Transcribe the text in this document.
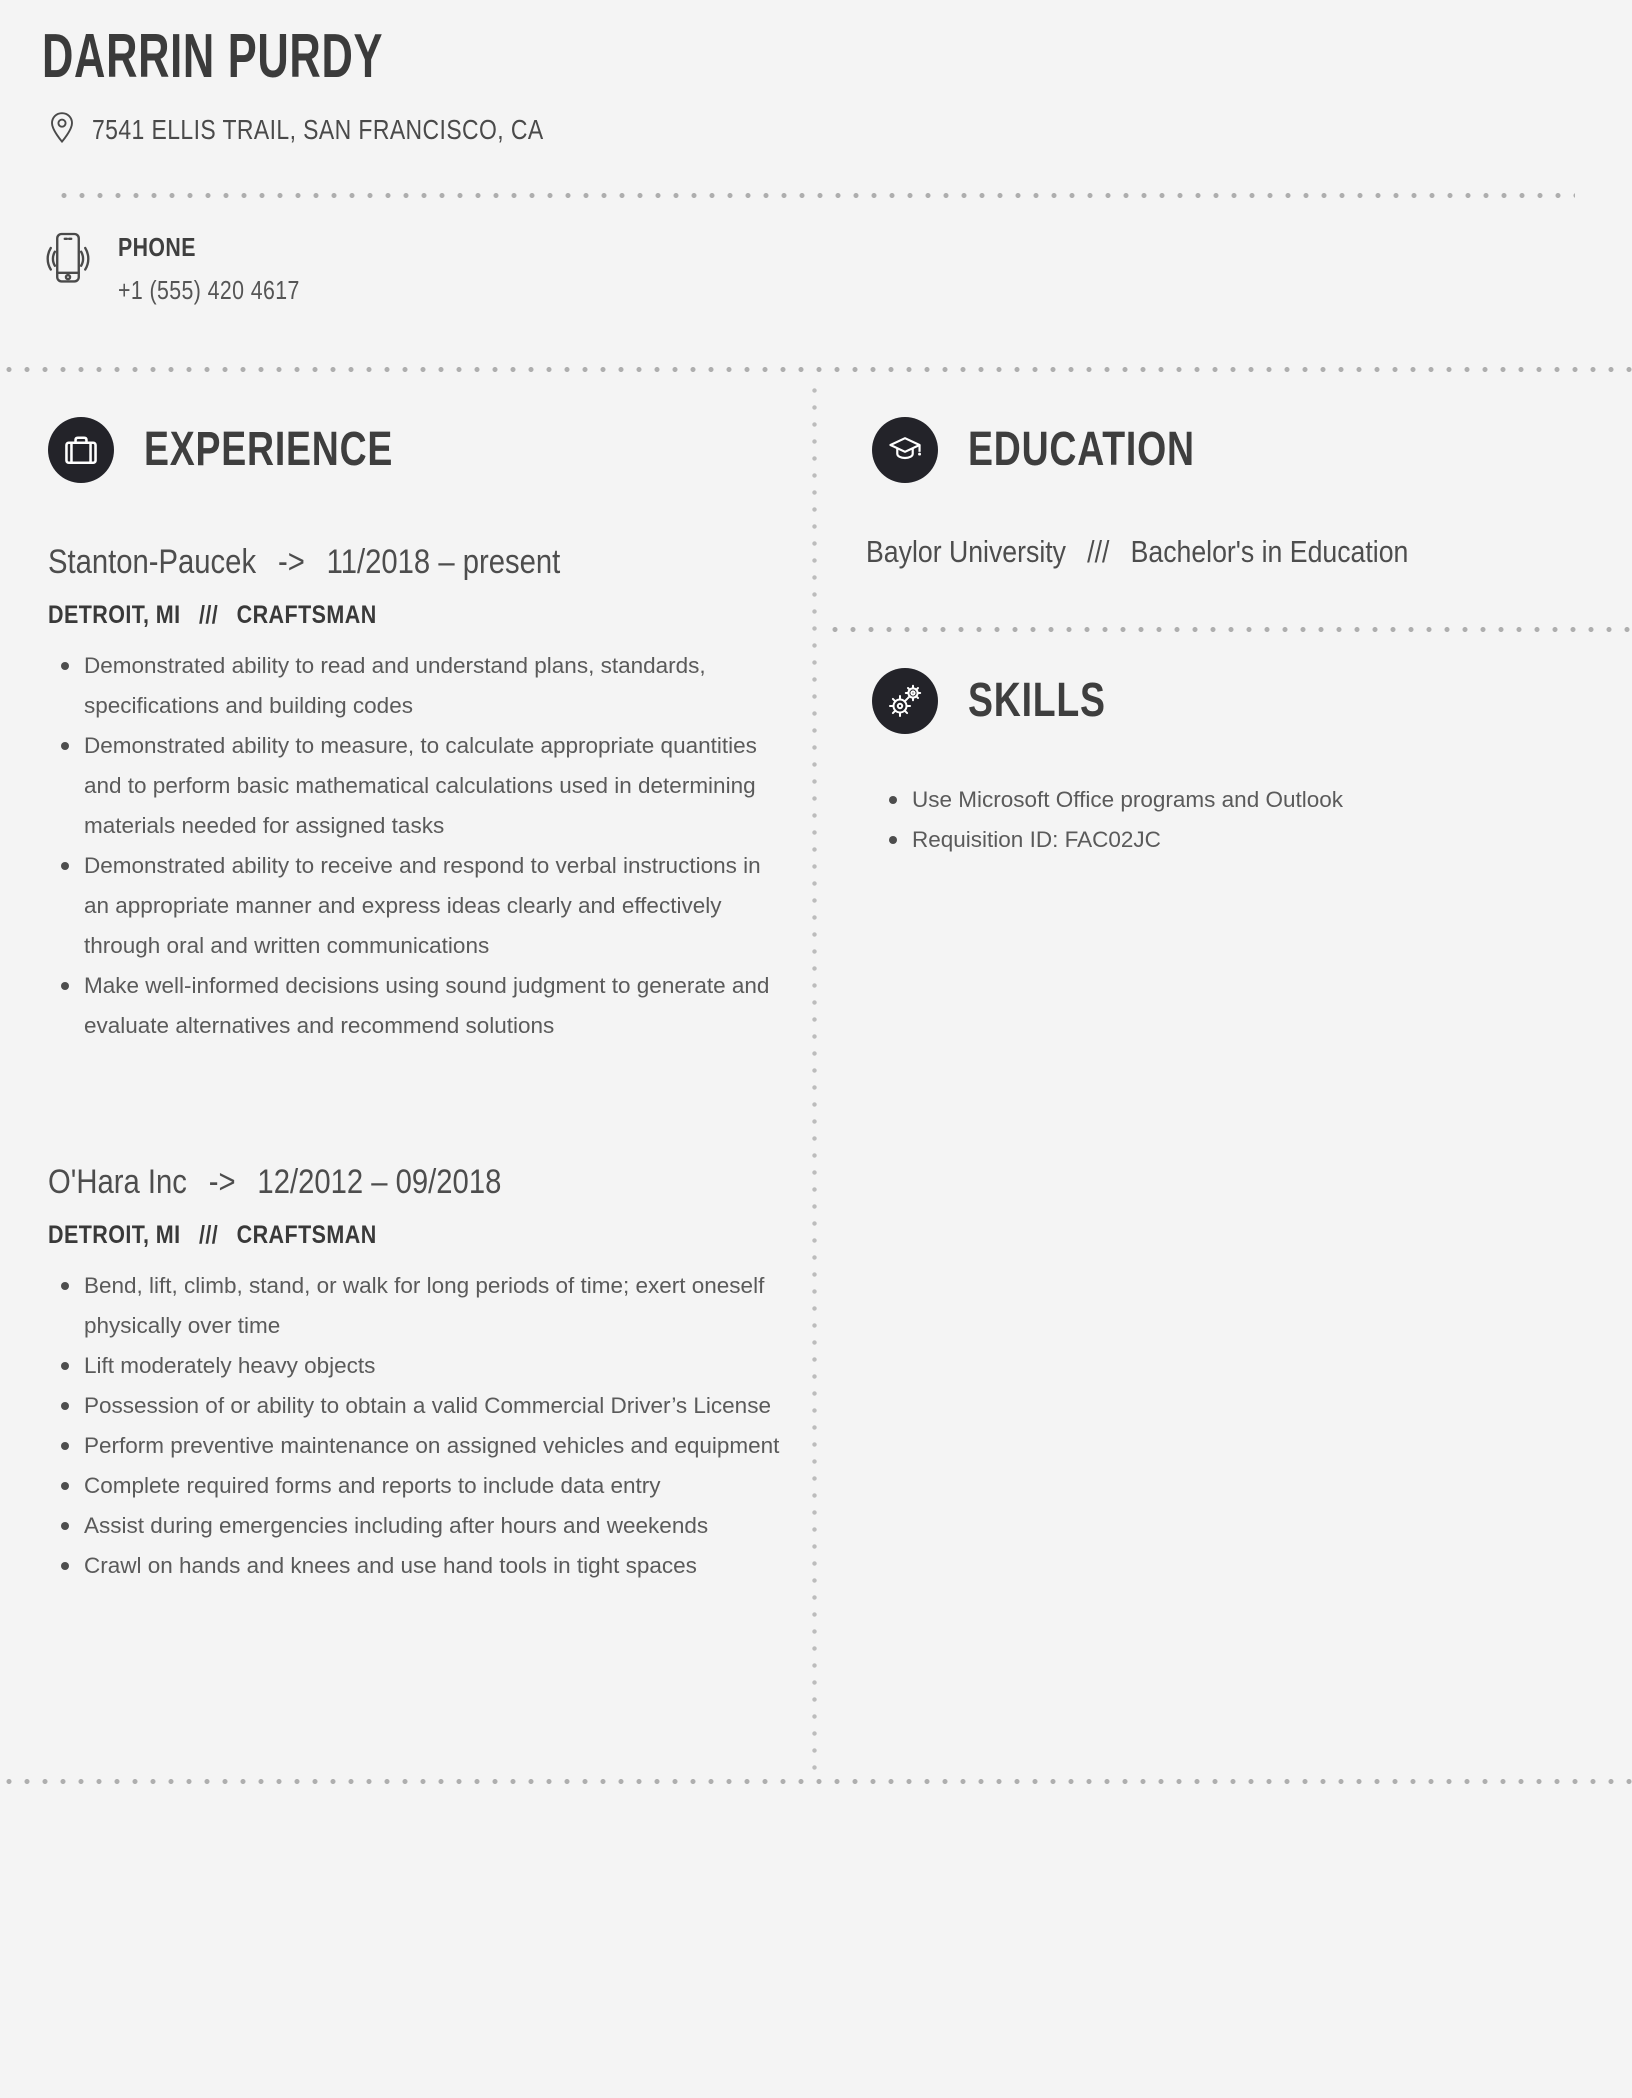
DARRIN PURDY
7541 ELLIS TRAIL, SAN FRANCISCO, CA
PHONE
+1 (555) 420 4617
EXPERIENCE
Stanton-Paucek -> 11/2018 – present
DETROIT, MI /// CRAFTSMAN
Demonstrated ability to read and understand plans, standards, specifications and building codes
Demonstrated ability to measure, to calculate appropriate quantities and to perform basic mathematical calculations used in determining materials needed for assigned tasks
Demonstrated ability to receive and respond to verbal instructions in an appropriate manner and express ideas clearly and effectively through oral and written communications
Make well-informed decisions using sound judgment to generate and evaluate alternatives and recommend solutions
O'Hara Inc -> 12/2012 – 09/2018
DETROIT, MI /// CRAFTSMAN
Bend, lift, climb, stand, or walk for long periods of time; exert oneself physically over time
Lift moderately heavy objects
Possession of or ability to obtain a valid Commercial Driver’s License
Perform preventive maintenance on assigned vehicles and equipment
Complete required forms and reports to include data entry
Assist during emergencies including after hours and weekends
Crawl on hands and knees and use hand tools in tight spaces
EDUCATION
Baylor University /// Bachelor's in Education
SKILLS
Use Microsoft Office programs and Outlook
Requisition ID: FAC02JC
